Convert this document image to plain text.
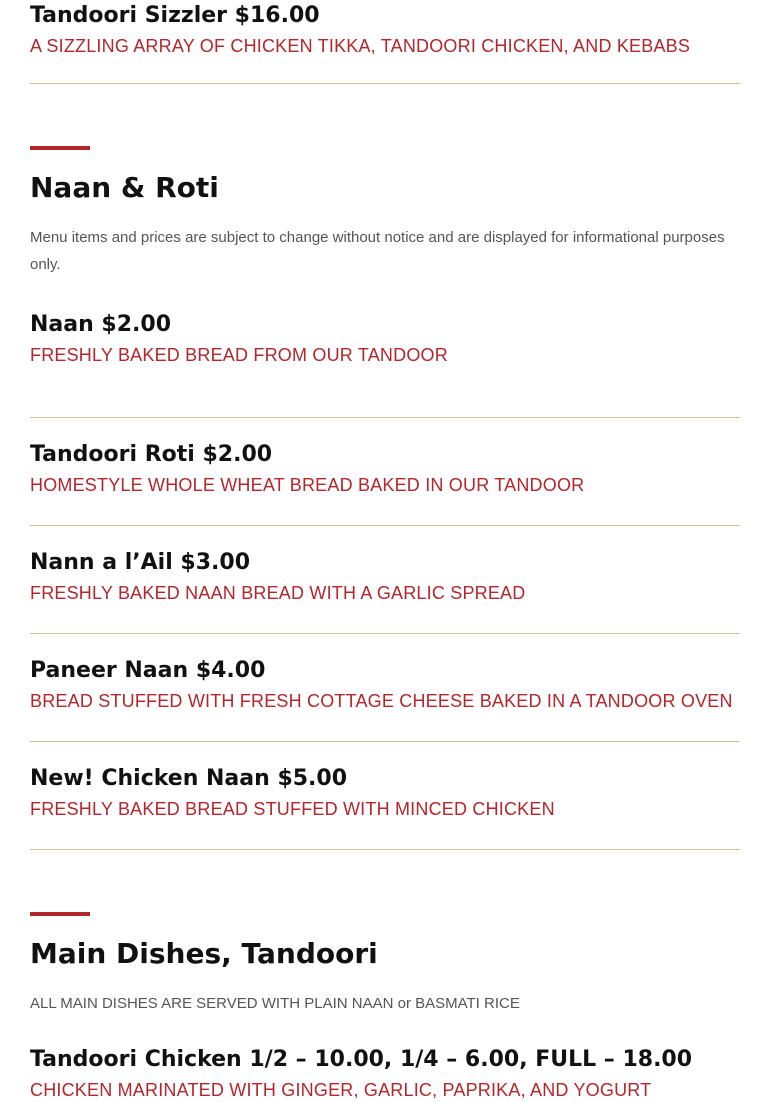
Tandoori Sizzler $16.00
A SIZZLING ARRAY OF CHICKEN TIKKA, TANDOORI CHICKEN, AND KEBABS
Naan & Roti
Menu items and prices are subject to change without notice and are displayed for informational purposes only.
Naan $2.00
FRESHLY BAKED BREAD FROM OUR TANDOOR
Tandoori Roti $2.00
HOMESTYLE WHOLE WHEAT BREAD BAKED IN OUR TANDOOR
Nann a l’Ail $3.00
FRESHLY BAKED NAAN BREAD WITH A GARLIC SPREAD
Paneer Naan $4.00
BREAD STUFFED WITH FRESH COTTAGE CHEESE BAKED IN A TANDOOR OVEN
New! Chicken Naan $5.00
FRESHLY BAKED BREAD STUFFED WITH MINCED CHICKEN
Main Dishes, Tandoori
ALL MAIN DISHES ARE SERVED WITH PLAIN NAAN or BASMATI RICE
Tandoori Chicken 1/2 – 10.00, 1/4 – 6.00, FULL – 18.00
CHICKEN MARINATED WITH GINGER, GARLIC, PAPRIKA, AND YOGURT
